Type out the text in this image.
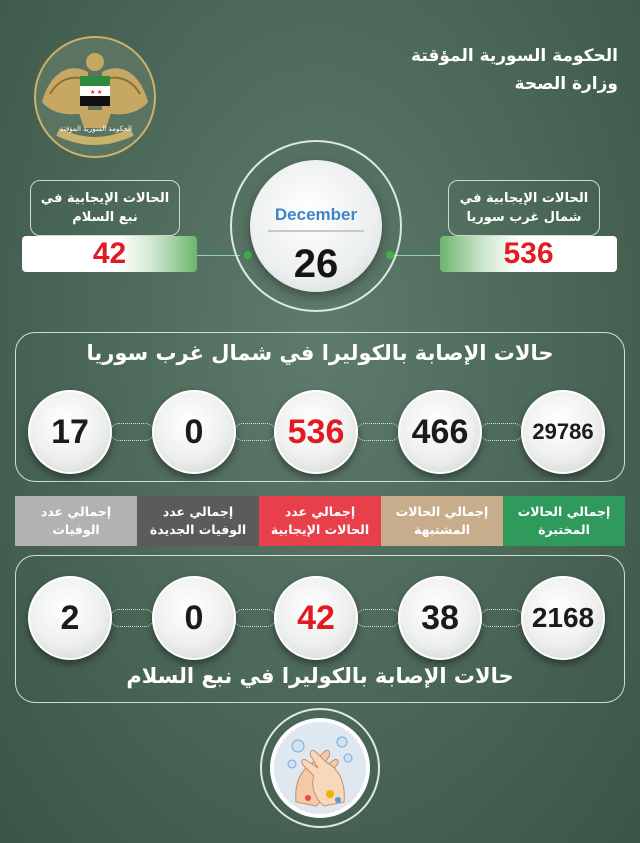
★ ★
الحكومة السورية المؤقتة
الحكومة السورية المؤقتة
وزارة الصحة
December
26
الحالات الإيجابية في
نبع السلام
42
الحالات الإيجابية في
شمال غرب سوريا
536
حالات الإصابة بالكوليرا في شمال غرب سوريا
17	0	536	466	29786
إجمالي عدد
الوفيات
إجمالي عدد
الوفيات الجديدة
إجمالي عدد
الحالات الإيجابية
إجمالي الحالات
المشتبهة
إجمالي الحالات
المختبرة
2	0	42	38	2168
حالات الإصابة بالكوليرا في نبع السلام
